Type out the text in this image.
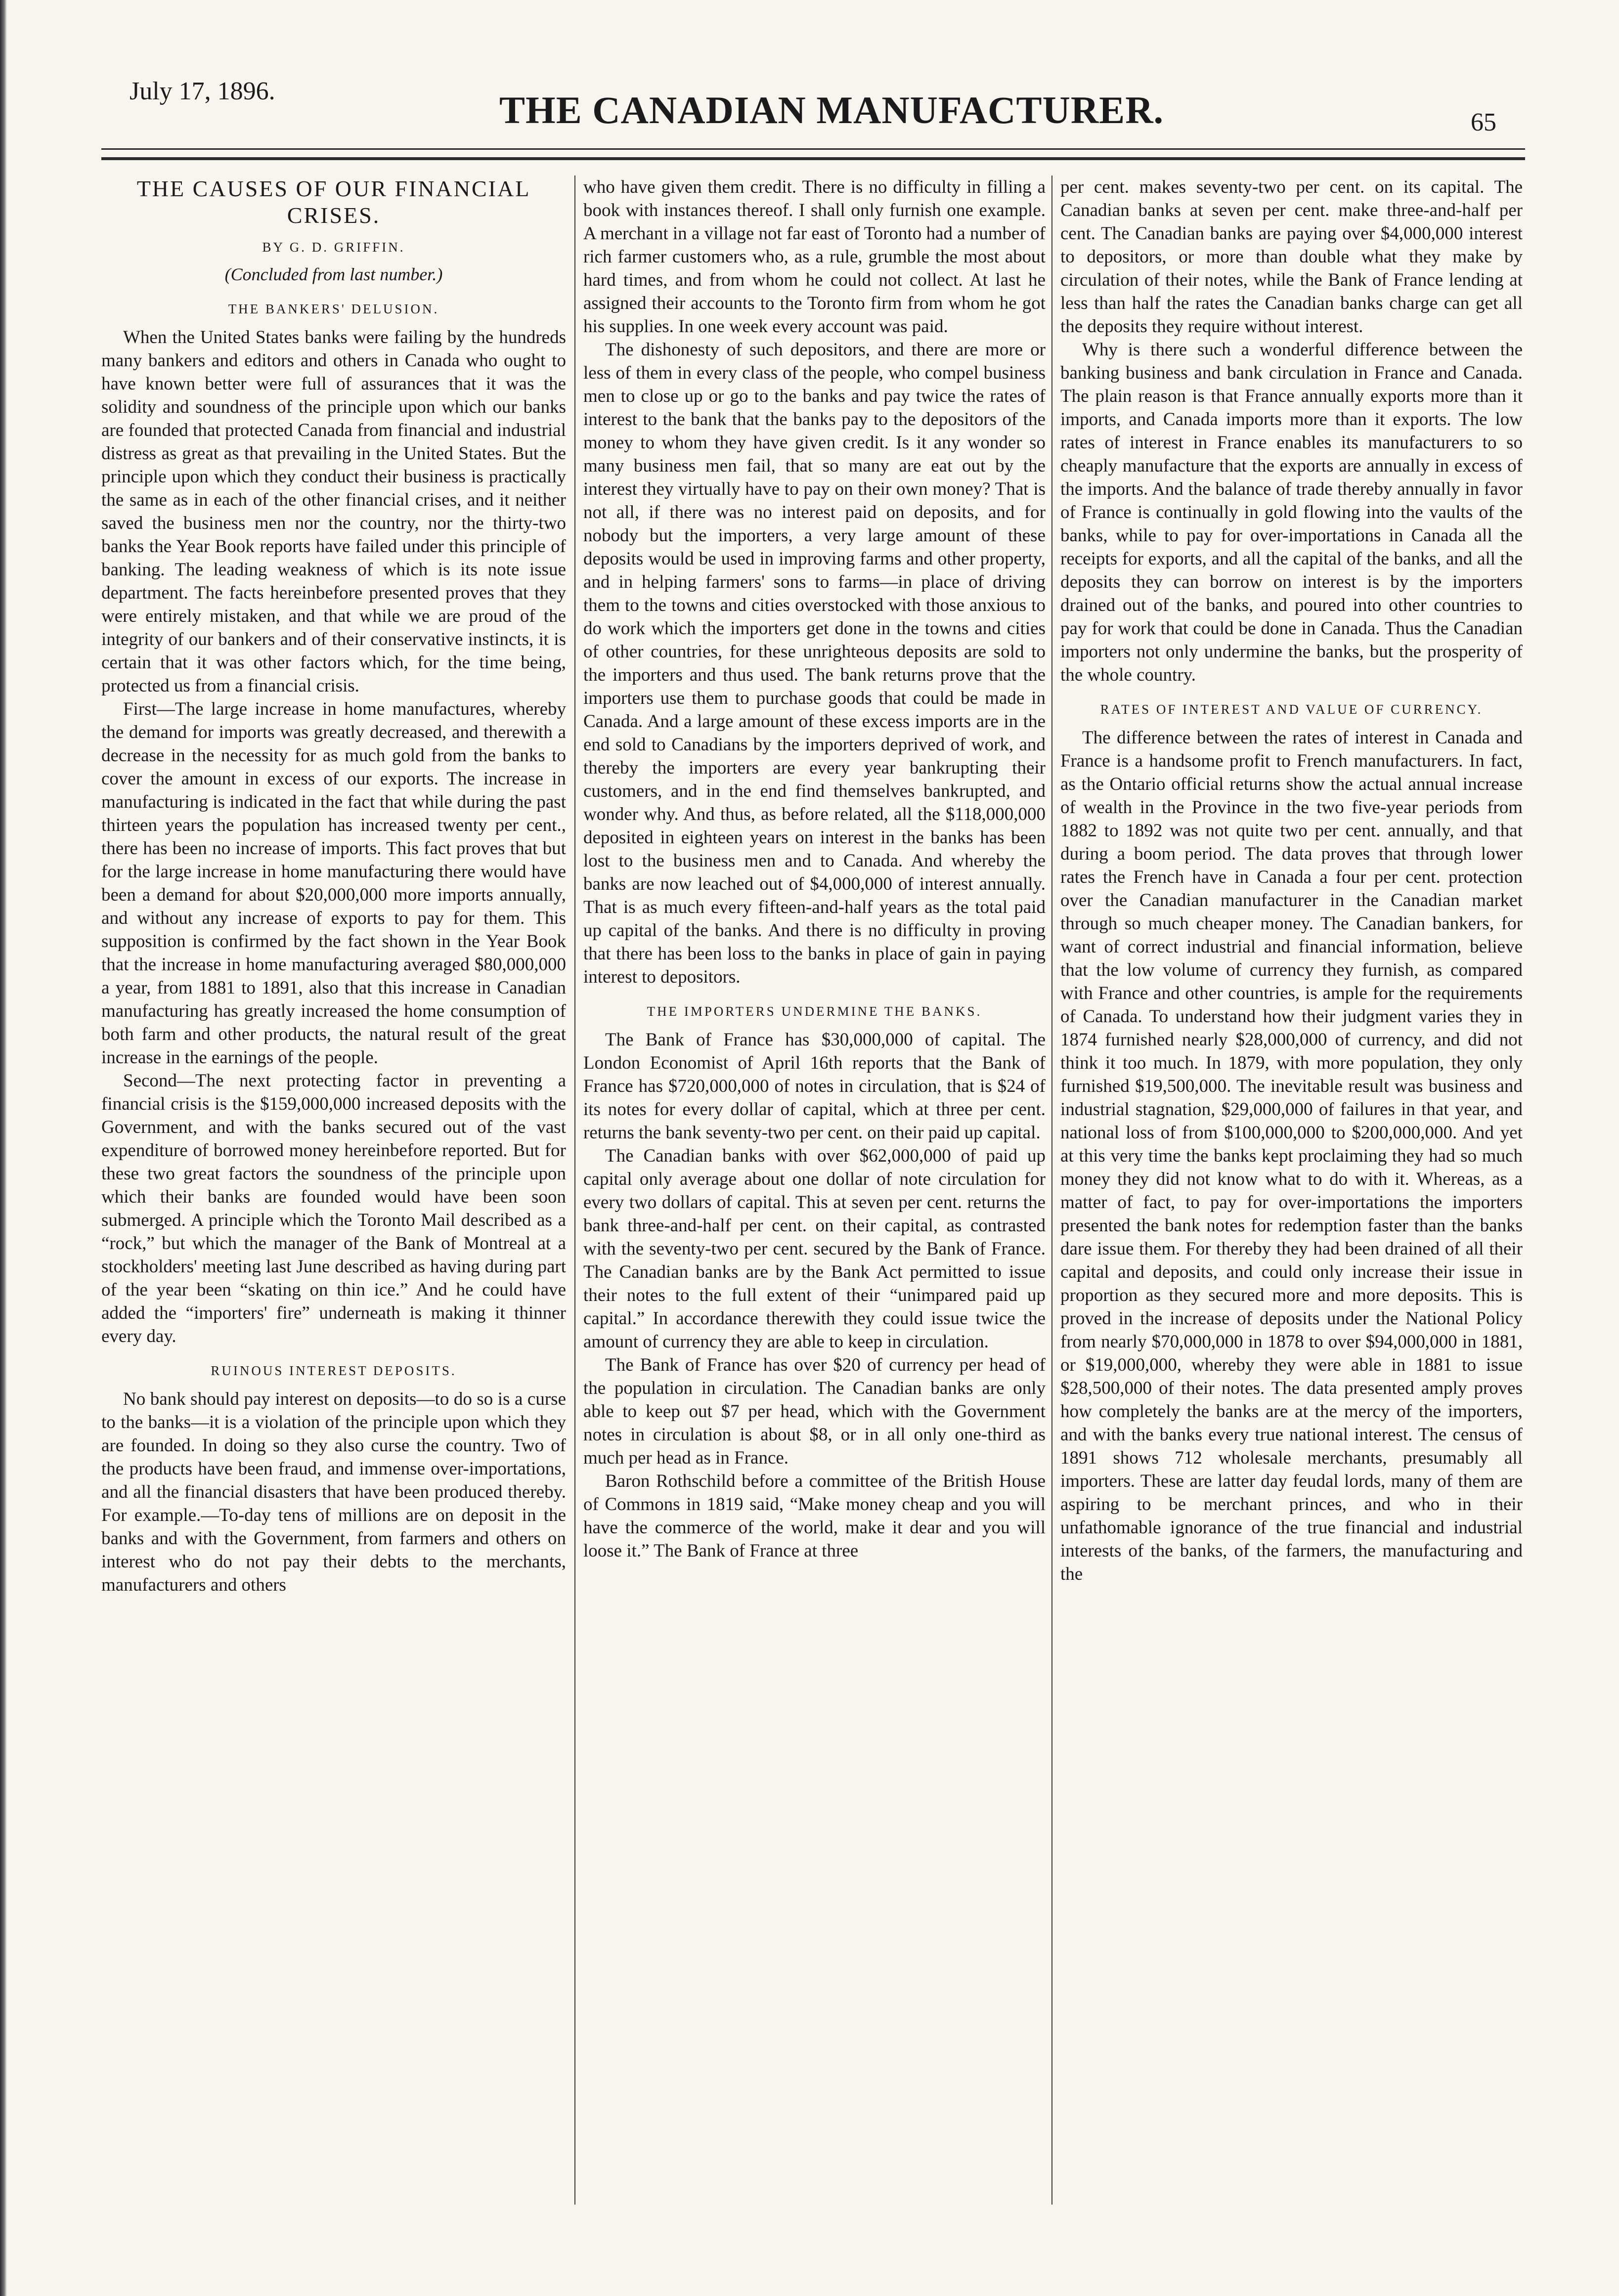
July 17, 1896.	THE CANADIAN MANUFACTURER.	65
THE CAUSES OF OUR FINANCIAL CRISES.
BY G. D. GRIFFIN.
(Concluded from last number.)
THE BANKERS' DELUSION.

When the United States banks were failing by the hundreds many bankers and editors and others in Canada who ought to have known better were full of assurances that it was the solidity and soundness of the principle upon which our banks are founded that protected Canada from financial and industrial distress as great as that prevailing in the United States. But the principle upon which they conduct their business is practically the same as in each of the other financial crises, and it neither saved the business men nor the country, nor the thirty-two banks the Year Book reports have failed under this principle of banking. The leading weakness of which is its note issue department. The facts hereinbefore presented proves that they were entirely mistaken, and that while we are proud of the integrity of our bankers and of their conservative instincts, it is certain that it was other factors which, for the time being, protected us from a financial crisis.

First—The large increase in home manufactures, whereby the demand for imports was greatly decreased, and therewith a decrease in the necessity for as much gold from the banks to cover the amount in excess of our exports. The increase in manufacturing is indicated in the fact that while during the past thirteen years the population has increased twenty per cent., there has been no increase of imports. This fact proves that but for the large increase in home manufacturing there would have been a demand for about $20,000,000 more imports annually, and without any increase of exports to pay for them. This supposition is confirmed by the fact shown in the Year Book that the increase in home manufacturing averaged $80,000,000 a year, from 1881 to 1891, also that this increase in Canadian manufacturing has greatly increased the home consumption of both farm and other products, the natural result of the great increase in the earnings of the people.

Second—The next protecting factor in preventing a financial crisis is the $159,000,000 increased deposits with the Government, and with the banks secured out of the vast expenditure of borrowed money hereinbefore reported. But for these two great factors the soundness of the principle upon which their banks are founded would have been soon submerged. A principle which the Toronto Mail described as a “rock,” but which the manager of the Bank of Montreal at a stockholders' meeting last June described as having during part of the year been “skating on thin ice.” And he could have added the “importers' fire” underneath is making it thinner every day.

RUINOUS INTEREST DEPOSITS.

No bank should pay interest on deposits—to do so is a curse to the banks—it is a violation of the principle upon which they are founded. In doing so they also curse the country. Two of the products have been fraud, and immense over-importations, and all the financial disasters that have been produced thereby. For example.—To-day tens of millions are on deposit in the banks and with the Government, from farmers and others on interest who do not pay their debts to the merchants, manufacturers and others

who have given them credit. There is no difficulty in filling a book with instances thereof. I shall only furnish one example. A merchant in a village not far east of Toronto had a number of rich farmer customers who, as a rule, grumble the most about hard times, and from whom he could not collect. At last he assigned their accounts to the Toronto firm from whom he got his supplies. In one week every account was paid.

The dishonesty of such depositors, and there are more or less of them in every class of the people, who compel business men to close up or go to the banks and pay twice the rates of interest to the bank that the banks pay to the depositors of the money to whom they have given credit. Is it any wonder so many business men fail, that so many are eat out by the interest they virtually have to pay on their own money? That is not all, if there was no interest paid on deposits, and for nobody but the importers, a very large amount of these deposits would be used in improving farms and other property, and in helping farmers' sons to farms—in place of driving them to the towns and cities overstocked with those anxious to do work which the importers get done in the towns and cities of other countries, for these unrighteous deposits are sold to the importers and thus used. The bank returns prove that the importers use them to purchase goods that could be made in Canada. And a large amount of these excess imports are in the end sold to Canadians by the importers deprived of work, and thereby the importers are every year bankrupting their customers, and in the end find themselves bankrupted, and wonder why. And thus, as before related, all the $118,000,000 deposited in eighteen years on interest in the banks has been lost to the business men and to Canada. And whereby the banks are now leached out of $4,000,000 of interest annually. That is as much every fifteen-and-half years as the total paid up capital of the banks. And there is no difficulty in proving that there has been loss to the banks in place of gain in paying interest to depositors.

THE IMPORTERS UNDERMINE THE BANKS.

The Bank of France has $30,000,000 of capital. The London Economist of April 16th reports that the Bank of France has $720,000,000 of notes in circulation, that is $24 of its notes for every dollar of capital, which at three per cent. returns the bank seventy-two per cent. on their paid up capital.

The Canadian banks with over $62,000,000 of paid up capital only average about one dollar of note circulation for every two dollars of capital. This at seven per cent. returns the bank three-and-half per cent. on their capital, as contrasted with the seventy-two per cent. secured by the Bank of France. The Canadian banks are by the Bank Act permitted to issue their notes to the full extent of their “unimpared paid up capital.” In accordance therewith they could issue twice the amount of currency they are able to keep in circulation.

The Bank of France has over $20 of currency per head of the population in circulation. The Canadian banks are only able to keep out $7 per head, which with the Government notes in circulation is about $8, or in all only one-third as much per head as in France.

Baron Rothschild before a committee of the British House of Commons in 1819 said, “Make money cheap and you will have the commerce of the world, make it dear and you will loose it.” The Bank of France at three

per cent. makes seventy-two per cent. on its capital. The Canadian banks at seven per cent. make three-and-half per cent. The Canadian banks are paying over $4,000,000 interest to depositors, or more than double what they make by circulation of their notes, while the Bank of France lending at less than half the rates the Canadian banks charge can get all the deposits they require without interest.

Why is there such a wonderful difference between the banking business and bank circulation in France and Canada. The plain reason is that France annually exports more than it imports, and Canada imports more than it exports. The low rates of interest in France enables its manufacturers to so cheaply manufacture that the exports are annually in excess of the imports. And the balance of trade thereby annually in favor of France is continually in gold flowing into the vaults of the banks, while to pay for over-importations in Canada all the receipts for exports, and all the capital of the banks, and all the deposits they can borrow on interest is by the importers drained out of the banks, and poured into other countries to pay for work that could be done in Canada. Thus the Canadian importers not only undermine the banks, but the prosperity of the whole country.

RATES OF INTEREST AND VALUE OF CURRENCY.

The difference between the rates of interest in Canada and France is a handsome profit to French manufacturers. In fact, as the Ontario official returns show the actual annual increase of wealth in the Province in the two five-year periods from 1882 to 1892 was not quite two per cent. annually, and that during a boom period. The data proves that through lower rates the French have in Canada a four per cent. protection over the Canadian manufacturer in the Canadian market through so much cheaper money. The Canadian bankers, for want of correct industrial and financial information, believe that the low volume of currency they furnish, as compared with France and other countries, is ample for the requirements of Canada. To understand how their judgment varies they in 1874 furnished nearly $28,000,000 of currency, and did not think it too much. In 1879, with more population, they only furnished $19,500,000. The inevitable result was business and industrial stagnation, $29,000,000 of failures in that year, and national loss of from $100,000,000 to $200,000,000. And yet at this very time the banks kept proclaiming they had so much money they did not know what to do with it. Whereas, as a matter of fact, to pay for over-importations the importers presented the bank notes for redemption faster than the banks dare issue them. For thereby they had been drained of all their capital and deposits, and could only increase their issue in proportion as they secured more and more deposits. This is proved in the increase of deposits under the National Policy from nearly $70,000,000 in 1878 to over $94,000,000 in 1881, or $19,000,000, whereby they were able in 1881 to issue $28,500,000 of their notes. The data presented amply proves how completely the banks are at the mercy of the importers, and with the banks every true national interest. The census of 1891 shows 712 wholesale merchants, presumably all importers. These are latter day feudal lords, many of them are aspiring to be merchant princes, and who in their unfathomable ignorance of the true financial and industrial interests of the banks, of the farmers, the manufacturing and the
